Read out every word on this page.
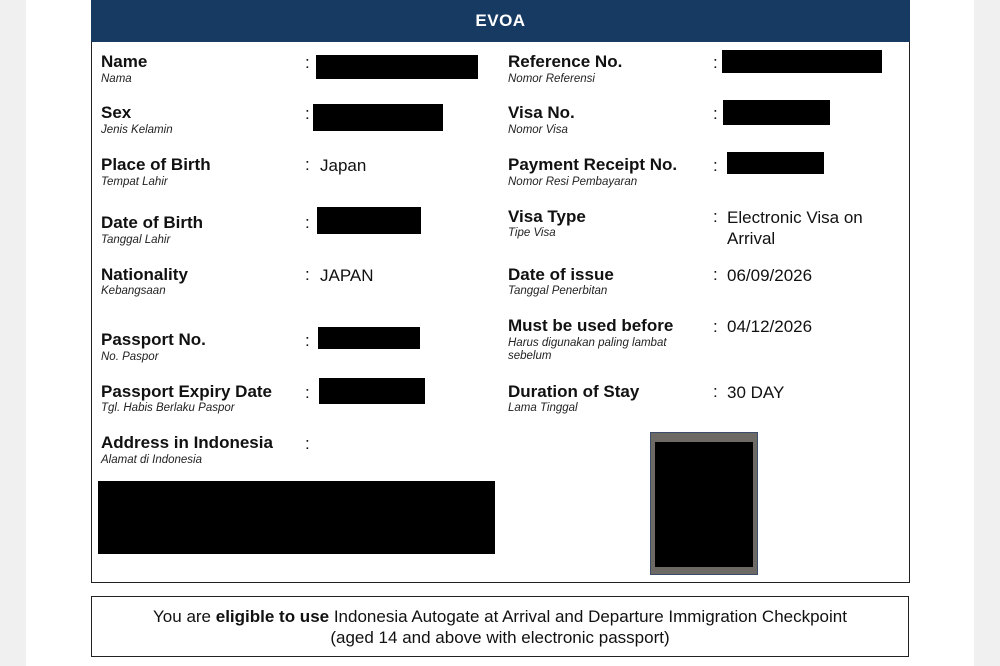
EVOA
Name
Nama
:
Sex
Jenis Kelamin
:
Place of Birth
Tempat Lahir
: Japan
Date of Birth
Tanggal Lahir
:
Nationality
Kebangsaan
: JAPAN
Passport No.
No. Paspor
:
Passport Expiry Date
Tgl. Habis Berlaku Paspor
:
Address in Indonesia
Alamat di Indonesia
:
Reference No.
Nomor Referensi
:
Visa No.
Nomor Visa
:
Payment Receipt No.
Nomor Resi Pembayaran
:
Visa Type
Tipe Visa
: Electronic Visa on
Arrival
Date of issue
Tanggal Penerbitan
: 06/09/2026
Must be used before
Harus digunakan paling lambat
sebelum
: 04/12/2026
Duration of Stay
Lama Tinggal
: 30 DAY
You are eligible to use Indonesia Autogate at Arrival and Departure Immigration Checkpoint
(aged 14 and above with electronic passport)
